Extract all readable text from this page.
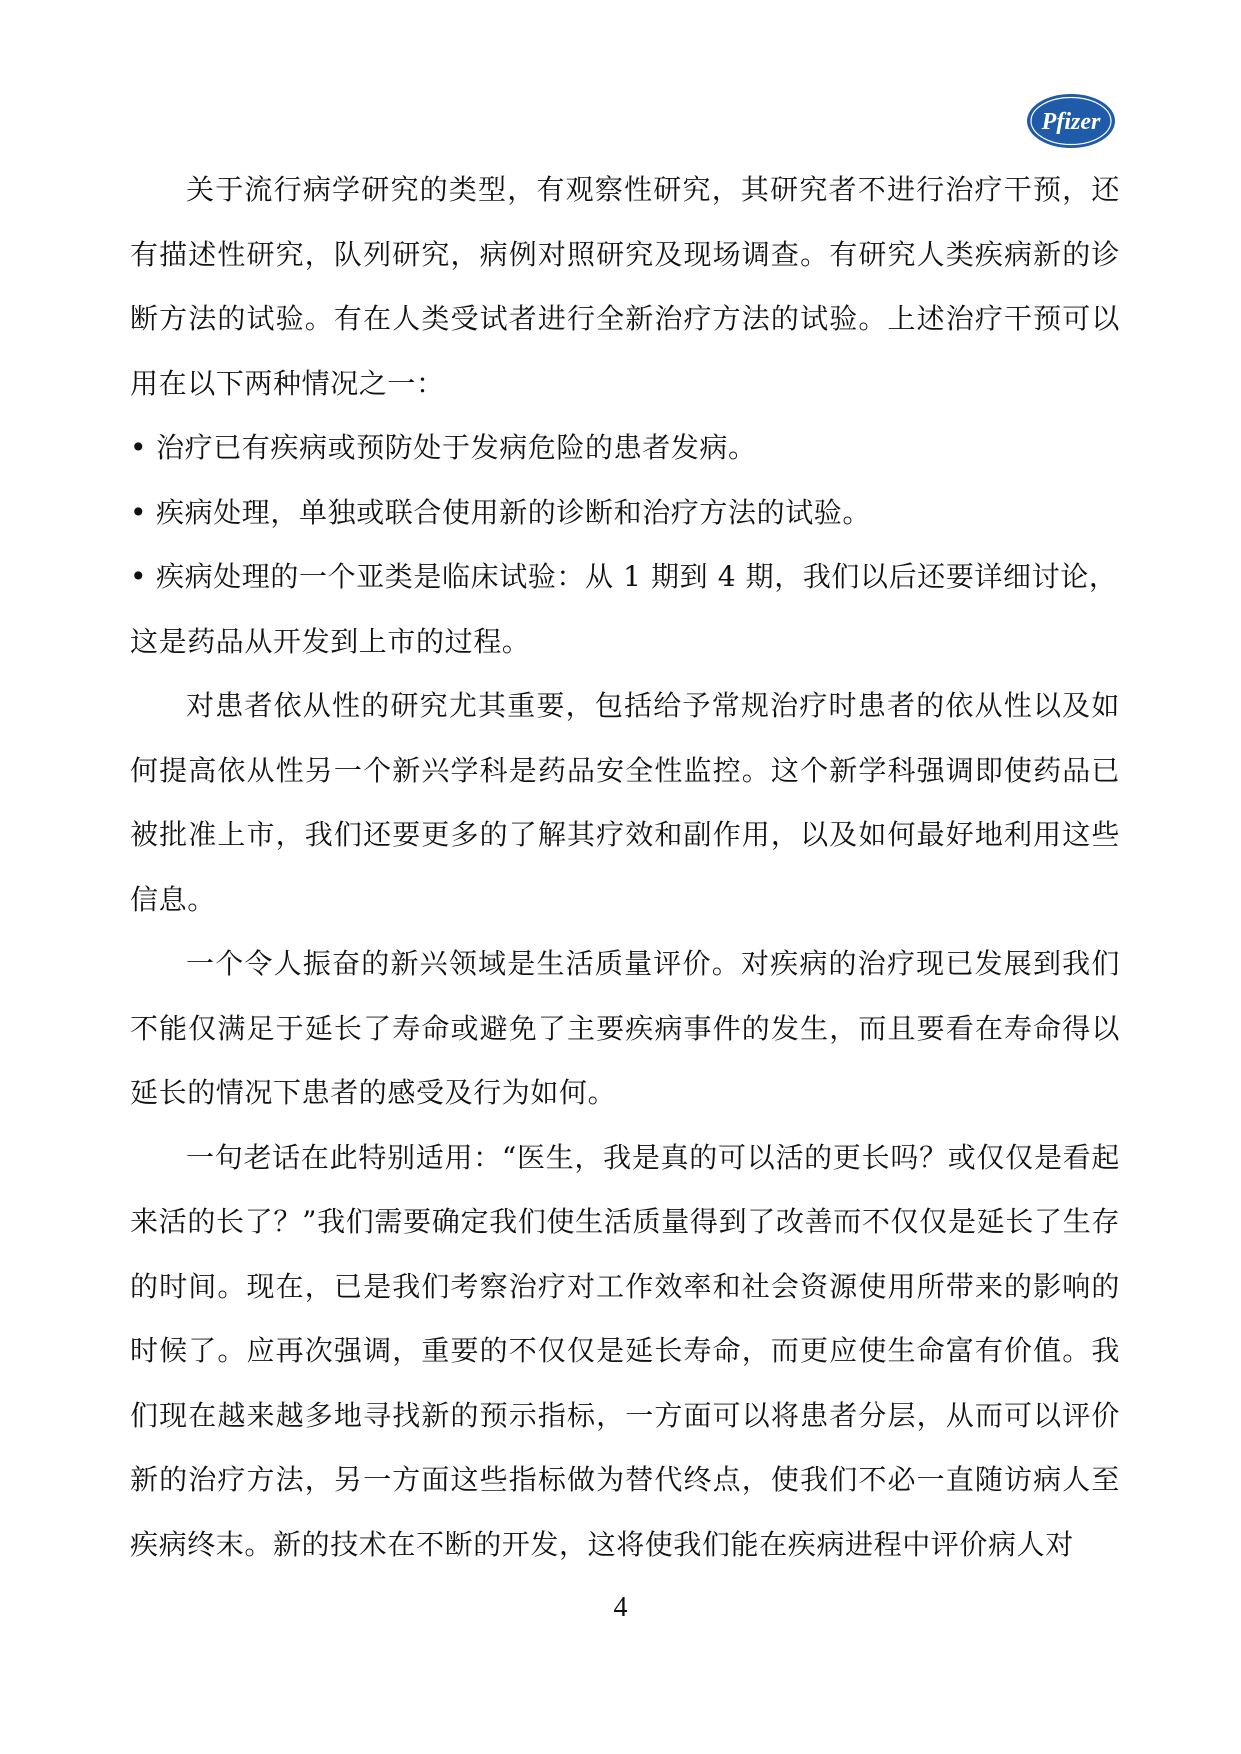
Pfizer

关于流行病学研究的类型，有观察性研究，其研究者不进行治疗干预，还有描述性研究，队列研究，病例对照研究及现场调查。有研究人类疾病新的诊断方法的试验。有在人类受试者进行全新治疗方法的试验。上述治疗干预可以用在以下两种情况之一：

• 治疗已有疾病或预防处于发病危险的患者发病。
• 疾病处理，单独或联合使用新的诊断和治疗方法的试验。
• 疾病处理的一个亚类是临床试验：从 1 期到 4 期，我们以后还要详细讨论，

这是药品从开发到上市的过程。

对患者依从性的研究尤其重要，包括给予常规治疗时患者的依从性以及如何提高依从性另一个新兴学科是药品安全性监控。这个新学科强调即使药品已被批准上市，我们还要更多的了解其疗效和副作用，以及如何最好地利用这些信息。

一个令人振奋的新兴领域是生活质量评价。对疾病的治疗现已发展到我们不能仅满足于延长了寿命或避免了主要疾病事件的发生，而且要看在寿命得以延长的情况下患者的感受及行为如何。

一句老话在此特别适用：“医生，我是真的可以活的更长吗？或仅仅是看起来活的长了？”我们需要确定我们使生活质量得到了改善而不仅仅是延长了生存的时间。现在，已是我们考察治疗对工作效率和社会资源使用所带来的影响的时候了。应再次强调，重要的不仅仅是延长寿命，而更应使生命富有价值。我们现在越来越多地寻找新的预示指标，一方面可以将患者分层，从而可以评价新的治疗方法，另一方面这些指标做为替代终点，使我们不必一直随访病人至疾病终末。新的技术在不断的开发，这将使我们能在疾病进程中评价病人对

4
